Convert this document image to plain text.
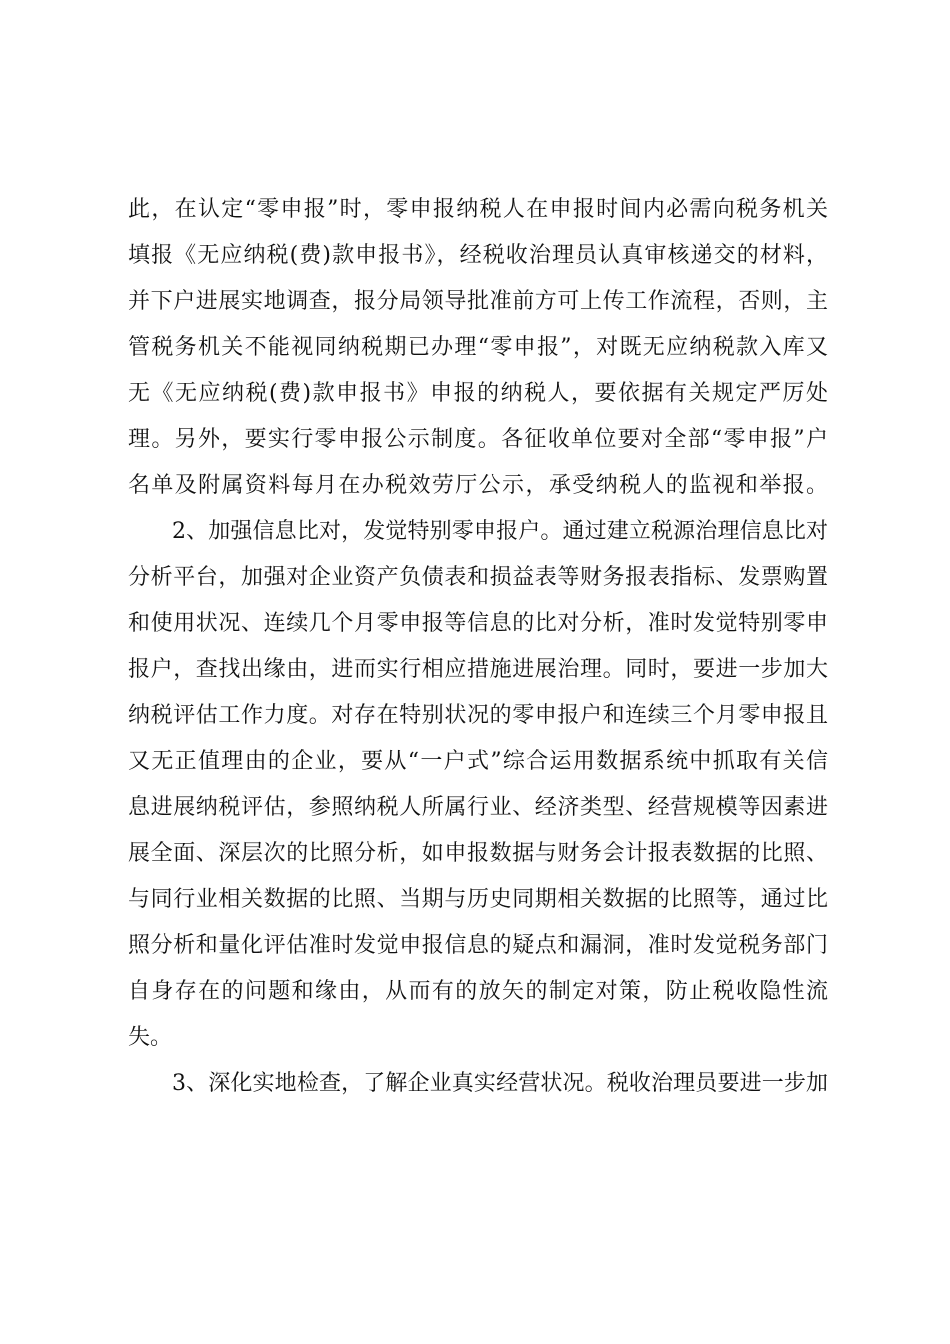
此，在认定“零申报”时，零申报纳税人在申报时间内必需向税务机关
填报《无应纳税(费)款申报书》，经税收治理员认真审核递交的材料，
并下户进展实地调查，报分局领导批准前方可上传工作流程，否则，主
管税务机关不能视同纳税期已办理“零申报”，对既无应纳税款入库又
无《无应纳税(费)款申报书》申报的纳税人，要依据有关规定严厉处
理。另外，要实行零申报公示制度。各征收单位要对全部“零申报”户
名单及附属资料每月在办税效劳厅公示，承受纳税人的监视和举报。
2、加强信息比对，发觉特别零申报户。通过建立税源治理信息比对
分析平台，加强对企业资产负债表和损益表等财务报表指标、发票购置
和使用状况、连续几个月零申报等信息的比对分析，准时发觉特别零申
报户，查找出缘由，进而实行相应措施进展治理。同时，要进一步加大
纳税评估工作力度。对存在特别状况的零申报户和连续三个月零申报且
又无正值理由的企业，要从“一户式”综合运用数据系统中抓取有关信
息进展纳税评估，参照纳税人所属行业、经济类型、经营规模等因素进
展全面、深层次的比照分析，如申报数据与财务会计报表数据的比照、
与同行业相关数据的比照、当期与历史同期相关数据的比照等，通过比
照分析和量化评估准时发觉申报信息的疑点和漏洞，准时发觉税务部门
自身存在的问题和缘由，从而有的放矢的制定对策，防止税收隐性流
失。
3、深化实地检查，了解企业真实经营状况。税收治理员要进一步加
